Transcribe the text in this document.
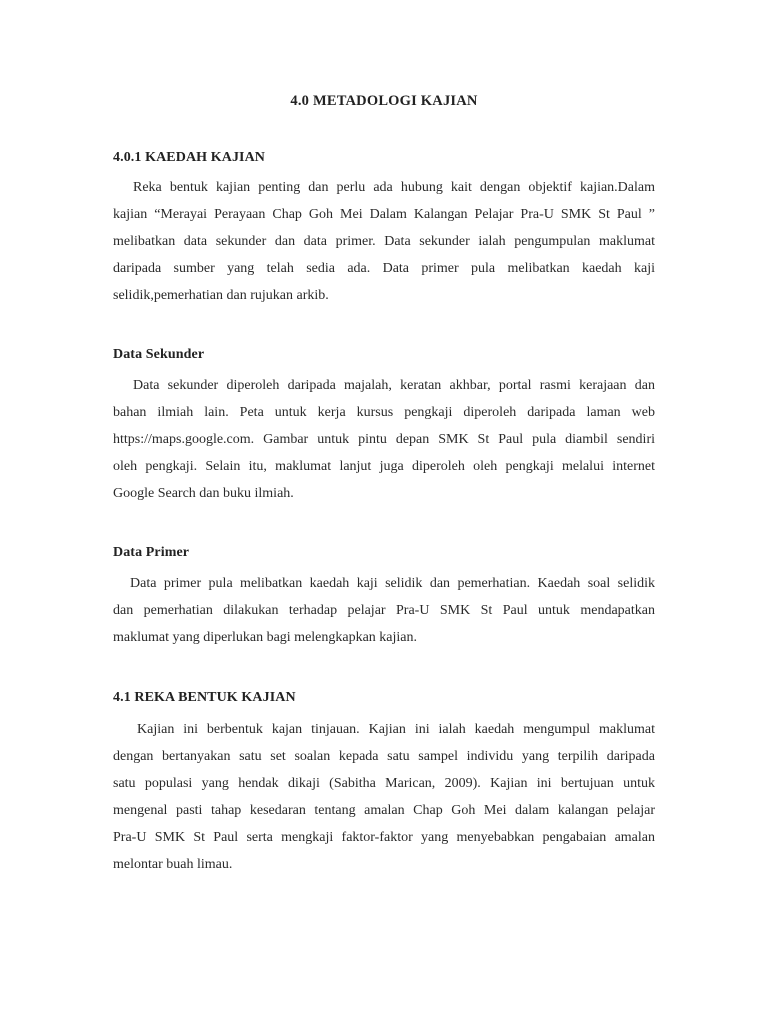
4.0 METADOLOGI KAJIAN
4.0.1 KAEDAH KAJIAN
Reka bentuk kajian penting dan perlu ada hubung kait dengan objektif kajian.Dalam
kajian “Merayai Perayaan Chap Goh Mei Dalam Kalangan Pelajar Pra-U SMK St Paul ”
melibatkan data sekunder dan data primer. Data sekunder ialah pengumpulan maklumat
daripada sumber yang telah sedia ada. Data primer pula melibatkan kaedah kaji
selidik,pemerhatian dan rujukan arkib.
Data Sekunder
Data sekunder diperoleh daripada majalah, keratan akhbar, portal rasmi kerajaan dan
bahan ilmiah lain. Peta untuk kerja kursus pengkaji diperoleh daripada laman web
https://maps.google.com. Gambar untuk pintu depan SMK St Paul pula diambil sendiri
oleh pengkaji. Selain itu, maklumat lanjut juga diperoleh oleh pengkaji melalui internet
Google Search dan buku ilmiah.
Data Primer
Data primer pula melibatkan kaedah kaji selidik dan pemerhatian. Kaedah soal selidik
dan pemerhatian dilakukan terhadap pelajar Pra-U SMK St Paul untuk mendapatkan
maklumat yang diperlukan bagi melengkapkan kajian.
4.1 REKA BENTUK KAJIAN
Kajian ini berbentuk kajan tinjauan. Kajian ini ialah kaedah mengumpul maklumat
dengan bertanyakan satu set soalan kepada satu sampel individu yang terpilih daripada
satu populasi yang hendak dikaji (Sabitha Marican, 2009). Kajian ini bertujuan untuk
mengenal pasti tahap kesedaran tentang amalan Chap Goh Mei dalam kalangan pelajar
Pra-U SMK St Paul serta mengkaji faktor-faktor yang menyebabkan pengabaian amalan
melontar buah limau.
